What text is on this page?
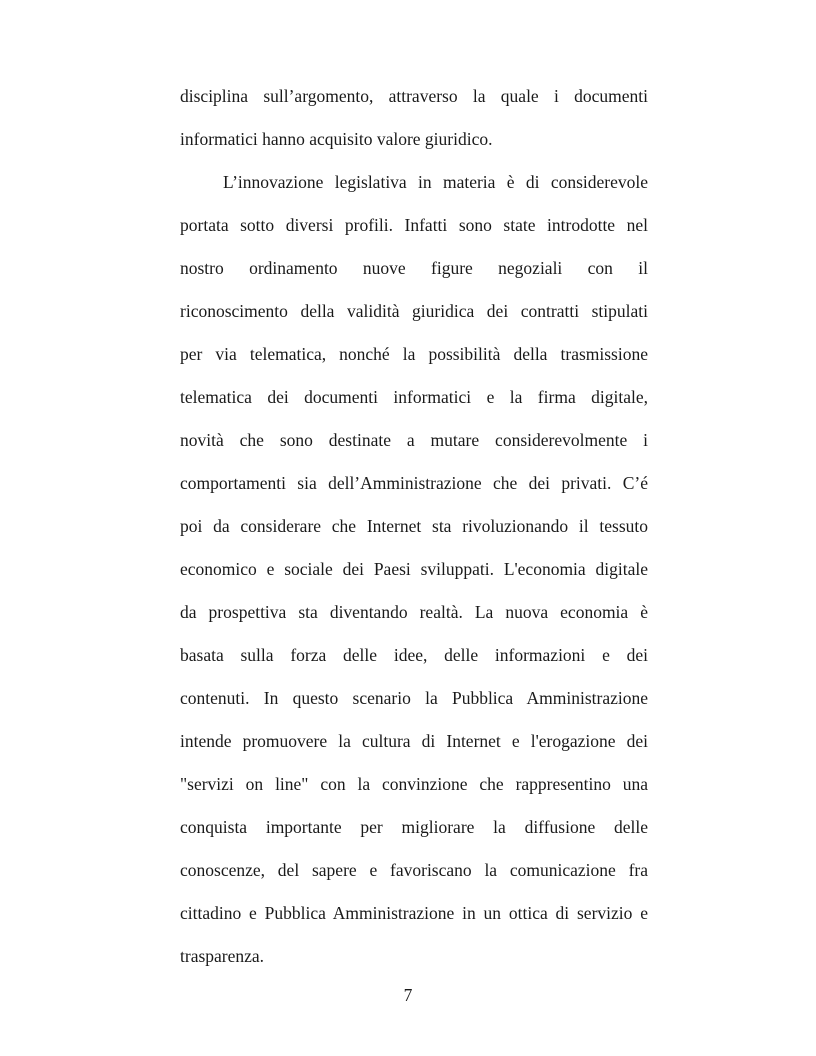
disciplina sull’argomento, attraverso la quale i documenti
informatici hanno acquisito valore giuridico.
L’innovazione legislativa in materia è di considerevole
portata sotto diversi profili. Infatti sono state introdotte nel
nostro ordinamento nuove figure negoziali con il
riconoscimento della validità giuridica dei contratti stipulati
per via telematica, nonché la possibilità della trasmissione
telematica dei documenti informatici e la firma digitale,
novità che sono destinate a mutare considerevolmente i
comportamenti sia dell’Amministrazione che dei privati. C’é
poi da considerare che Internet sta rivoluzionando il tessuto
economico e sociale dei Paesi sviluppati. L'economia digitale
da prospettiva sta diventando realtà. La nuova economia è
basata sulla forza delle idee, delle informazioni e dei
contenuti. In questo scenario la Pubblica Amministrazione
intende promuovere la cultura di Internet e l'erogazione dei
"servizi on line" con la convinzione che rappresentino una
conquista importante per migliorare la diffusione delle
conoscenze, del sapere e favoriscano la comunicazione fra
cittadino e Pubblica Amministrazione in un ottica di servizio e
trasparenza.
7
